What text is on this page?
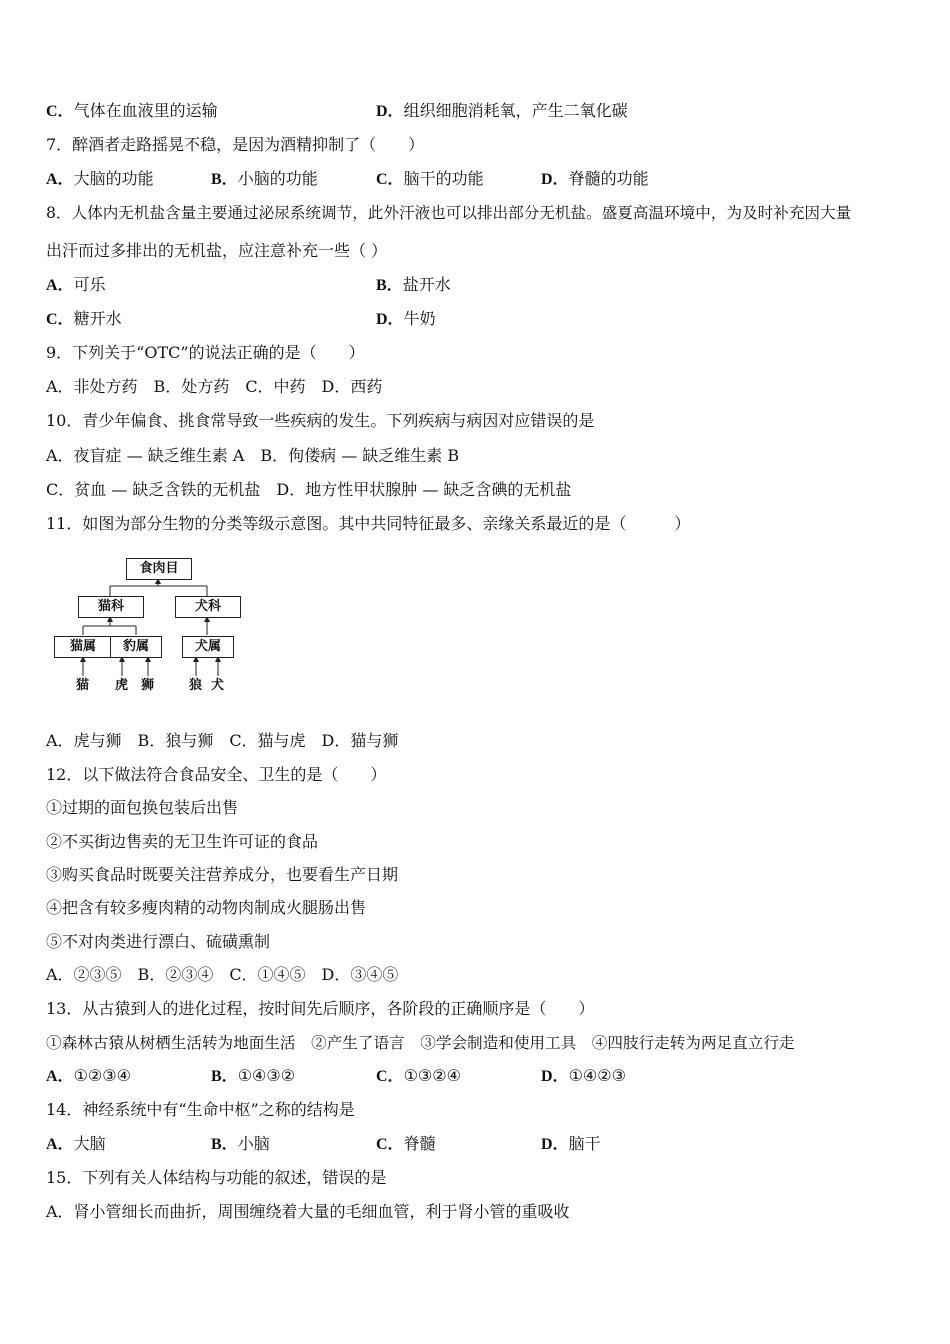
C．气体在血液里的运输	D．组织细胞消耗氧，产生二氧化碳
7．醉酒者走路摇晃不稳，是因为酒精抑制了（　　）
A．大脑的功能	B．小脑的功能	C．脑干的功能	D．脊髓的功能
8．人体内无机盐含量主要通过泌尿系统调节，此外汗液也可以排出部分无机盐。盛夏高温环境中，为及时补充因大量
出汗而过多排出的无机盐，应注意补充一些（ ）
A．可乐	B．盐开水
C．糖开水	D．牛奶
9．下列关于“OTC”的说法正确的是（　　）
A．非处方药　B．处方药　C．中药　D．西药
10．青少年偏食、挑食常导致一些疾病的发生。下列疾病与病因对应错误的是
A．夜盲症 — 缺乏维生素 A　B．佝偻病 — 缺乏维生素 B
C．贫血 — 缺乏含铁的无机盐　D．地方性甲状腺肿 — 缺乏含碘的无机盐
11．如图为部分生物的分类等级示意图。其中共同特征最多、亲缘关系最近的是（　　　）
食肉目
猫科	犬科
猫属	豹属	犬属
猫 虎 狮	狼 犬
A．虎与狮　B．狼与狮　C．猫与虎　D．猫与狮
12．以下做法符合食品安全、卫生的是（　　）
①过期的面包换包装后出售
②不买街边售卖的无卫生许可证的食品
③购买食品时既要关注营养成分，也要看生产日期
④把含有较多瘦肉精的动物肉制成火腿肠出售
⑤不对肉类进行漂白、硫磺熏制
A．②③⑤　B．②③④　C．①④⑤　D．③④⑤
13．从古猿到人的进化过程，按时间先后顺序，各阶段的正确顺序是（　　）
①森林古猿从树栖生活转为地面生活　②产生了语言　③学会制造和使用工具　④四肢行走转为两足直立行走
A．①②③④	B．①④③②	C．①③②④	D．①④②③
14．神经系统中有“生命中枢”之称的结构是
A．大脑	B．小脑	C．脊髓	D．脑干
15．下列有关人体结构与功能的叙述，错误的是
A．肾小管细长而曲折，周围缠绕着大量的毛细血管，利于肾小管的重吸收
